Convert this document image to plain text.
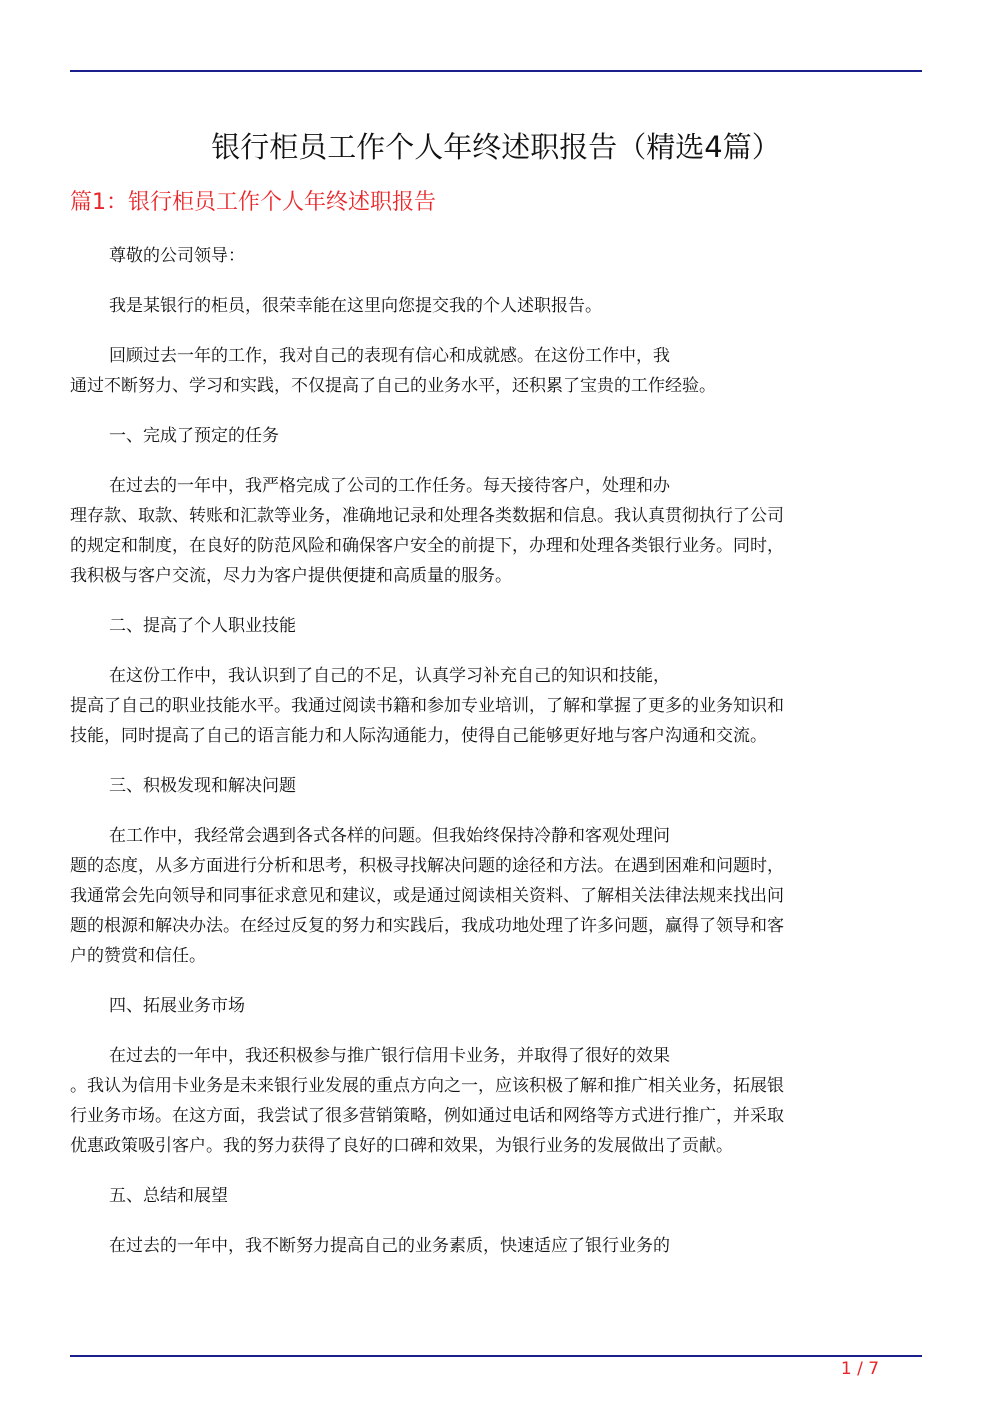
银行柜员工作个人年终述职报告（精选4篇）
篇1：银行柜员工作个人年终述职报告
尊敬的公司领导：
我是某银行的柜员，很荣幸能在这里向您提交我的个人述职报告。
回顾过去一年的工作，我对自己的表现有信心和成就感。在这份工作中，我
通过不断努力、学习和实践，不仅提高了自己的业务水平，还积累了宝贵的工作经验。
一、完成了预定的任务
在过去的一年中，我严格完成了公司的工作任务。每天接待客户，处理和办
理存款、取款、转账和汇款等业务，准确地记录和处理各类数据和信息。我认真贯彻执行了公司
的规定和制度，在良好的防范风险和确保客户安全的前提下，办理和处理各类银行业务。同时，
我积极与客户交流，尽力为客户提供便捷和高质量的服务。
二、提高了个人职业技能
在这份工作中，我认识到了自己的不足，认真学习补充自己的知识和技能，
提高了自己的职业技能水平。我通过阅读书籍和参加专业培训，了解和掌握了更多的业务知识和
技能，同时提高了自己的语言能力和人际沟通能力，使得自己能够更好地与客户沟通和交流。
三、积极发现和解决问题
在工作中，我经常会遇到各式各样的问题。但我始终保持冷静和客观处理问
题的态度，从多方面进行分析和思考，积极寻找解决问题的途径和方法。在遇到困难和问题时，
我通常会先向领导和同事征求意见和建议，或是通过阅读相关资料、了解相关法律法规来找出问
题的根源和解决办法。在经过反复的努力和实践后，我成功地处理了许多问题，赢得了领导和客
户的赞赏和信任。
四、拓展业务市场
在过去的一年中，我还积极参与推广银行信用卡业务，并取得了很好的效果
。我认为信用卡业务是未来银行业发展的重点方向之一，应该积极了解和推广相关业务，拓展银
行业务市场。在这方面，我尝试了很多营销策略，例如通过电话和网络等方式进行推广，并采取
优惠政策吸引客户。我的努力获得了良好的口碑和效果，为银行业务的发展做出了贡献。
五、总结和展望
在过去的一年中，我不断努力提高自己的业务素质，快速适应了银行业务的
1 / 7
